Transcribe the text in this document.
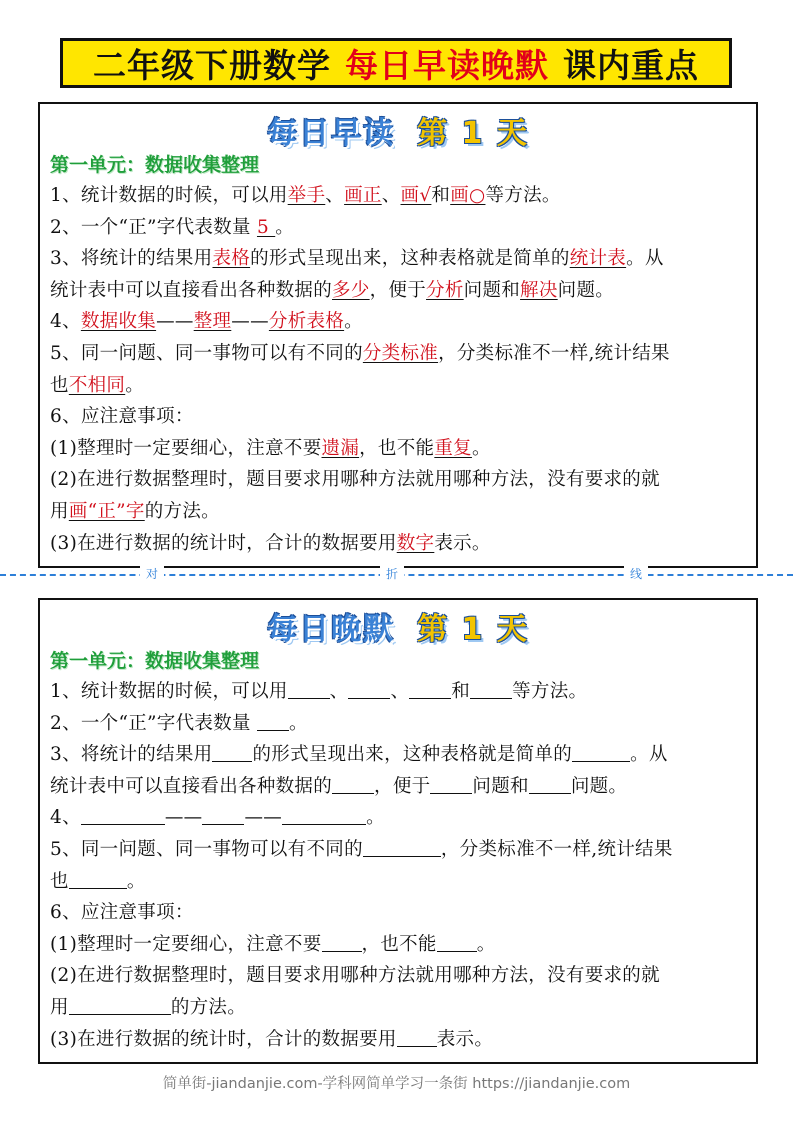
二年级下册数学 每日早读晚默 课内重点
每日早读 第 1 天
第一单元：数据收集整理
1、统计数据的时候，可以用举手、画正、画√和画○等方法。
2、一个“正”字代表数量 5 。
3、将统计的结果用表格的形式呈现出来，这种表格就是简单的统计表。从
统计表中可以直接看出各种数据的多少，便于分析问题和解决问题。
4、数据收集——整理——分析表格。
5、同一问题、同一事物可以有不同的分类标准，分类标准不一样,统计结果
也不相同。
6、应注意事项：
(1)整理时一定要细心，注意不要遗漏，也不能重复。
(2)在进行数据整理时，题目要求用哪种方法就用哪种方法，没有要求的就
用画“正”字的方法。
(3)在进行数据的统计时，合计的数据要用数字表示。
对	折	线
每日晚默 第 1 天
第一单元：数据收集整理
1、统计数据的时候，可以用 、 、 和 等方法。
2、一个“正”字代表数量 。
3、将统计的结果用 的形式呈现出来，这种表格就是简单的	。从
统计表中可以直接看出各种数据的 ，便于 问题和 问题。
4、	—— ——	。
5、同一问题、同一事物可以有不同的	，分类标准不一样,统计结果
也	。
6、应注意事项：
(1)整理时一定要细心，注意不要 ，也不能 。
(2)在进行数据整理时，题目要求用哪种方法就用哪种方法，没有要求的就
用	的方法。
(3)在进行数据的统计时，合计的数据要用 表示。
简单街-jiandanjie.com-学科网简单学习一条街 https://jiandanjie.com
